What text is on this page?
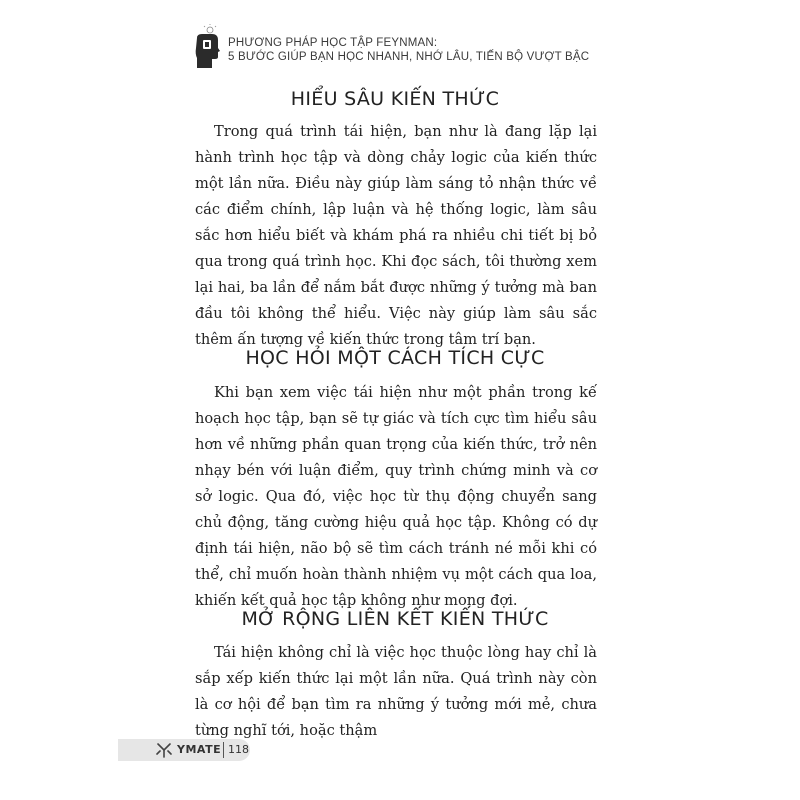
PHƯƠNG PHÁP HỌC TẬP FEYNMAN:
5 BƯỚC GIÚP BẠN HỌC NHANH, NHỚ LÂU, TIẾN BỘ VƯỢT BẬC
HIỂU SÂU KIẾN THỨC

Trong quá trình tái hiện, bạn như là đang lặp lại hành trình học tập và dòng chảy logic của kiến thức một lần nữa. Điều này giúp làm sáng tỏ nhận thức về các điểm chính, lập luận và hệ thống logic, làm sâu sắc hơn hiểu biết và khám phá ra nhiều chi tiết bị bỏ qua trong quá trình học. Khi đọc sách, tôi thường xem lại hai, ba lần để nắm bắt được những ý tưởng mà ban đầu tôi không thể hiểu. Việc này giúp làm sâu sắc thêm ấn tượng về kiến thức trong tâm trí bạn.

HỌC HỎI MỘT CÁCH TÍCH CỰC

Khi bạn xem việc tái hiện như một phần trong kế hoạch học tập, bạn sẽ tự giác và tích cực tìm hiểu sâu hơn về những phần quan trọng của kiến thức, trở nên nhạy bén với luận điểm, quy trình chứng minh và cơ sở logic. Qua đó, việc học từ thụ động chuyển sang chủ động, tăng cường hiệu quả học tập. Không có dự định tái hiện, não bộ sẽ tìm cách tránh né mỗi khi có thể, chỉ muốn hoàn thành nhiệm vụ một cách qua loa, khiến kết quả học tập không như mong đợi.

MỞ RỘNG LIÊN KẾT KIẾN THỨC

Tái hiện không chỉ là việc học thuộc lòng hay chỉ là sắp xếp kiến thức lại một lần nữa. Quá trình này còn là cơ hội để bạn tìm ra những ý tưởng mới mẻ, chưa từng nghĩ tới, hoặc thậm

YMATE 118
